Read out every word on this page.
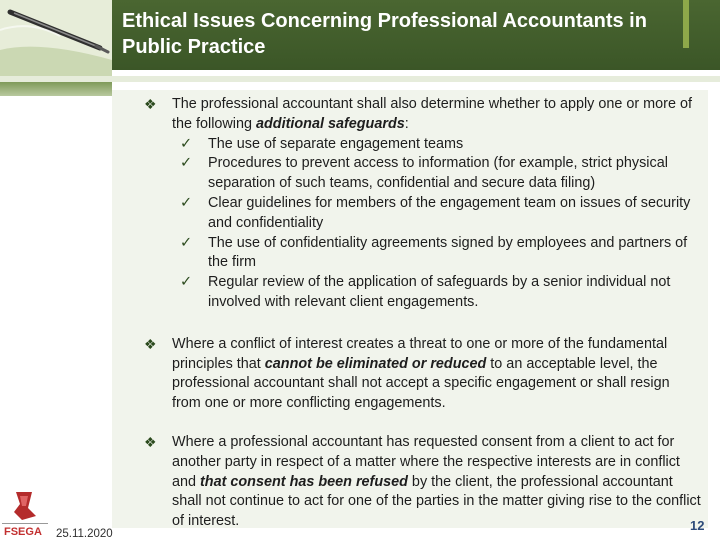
Ethical Issues Concerning Professional Accountants in
Public Practice
❖ The professional accountant shall also determine whether to apply one or more of the following additional safeguards:
✓ The use of separate engagement teams
✓ Procedures to prevent access to information (for example, strict physical separation of such teams, confidential and secure data filing)
✓ Clear guidelines for members of the engagement team on issues of security and confidentiality
✓ The use of confidentiality agreements signed by employees and partners of the firm
✓ Regular review of the application of safeguards by a senior individual not involved with relevant client engagements.
❖ Where a conflict of interest creates a threat to one or more of the fundamental principles that cannot be eliminated or reduced to an acceptable level, the professional accountant shall not accept a specific engagement or shall resign from one or more conflicting engagements.
❖ Where a professional accountant has requested consent from a client to act for another party in respect of a matter where the respective interests are in conflict and that consent has been refused by the client, the professional accountant shall not continue to act for one of the parties in the matter giving rise to the conflict of interest.
FSEGA 25.11.2020
12
